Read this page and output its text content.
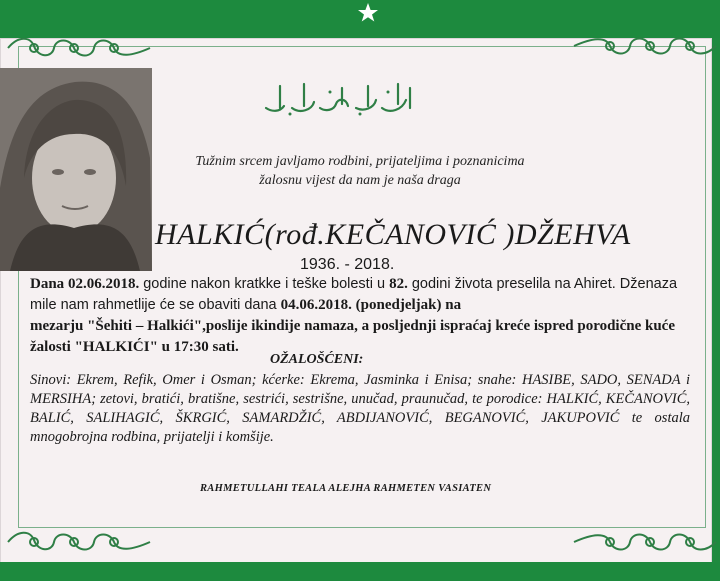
Tužnim srcem javljamo rodbini, prijateljima i poznanicima
žalosnu vijest da nam je naša draga
HALKIĆ(rođ.KEČANOVIĆ )DŽEHVA
1936. - 2018.
Dana 02.06.2018. godine nakon kratkke i teške bolesti u 82. godini života preselila na Ahiret. Dženaza mile nam rahmetlije će se obaviti dana 04.06.2018. (ponedjeljak) na
mezarju "Šehiti – Halkići",poslije ikindije namaza, a posljednji ispraćaj kreće ispred porodične kuće žalosti "HALKIĆI" u 17:30 sati.
OŽALOŠĆENI:
Sinovi: Ekrem, Refik, Omer i Osman; kćerke: Ekrema, Jasminka i Enisa; snahe: HASIBE, SADO, SENADA i MERSIHA; zetovi, bratići, bratišne, sestrići, sestrišne, unučad, praunučad, te porodice: HALKIĆ, KEČANOVIĆ, BALIĆ, SALIHAGIĆ, ŠKRGIĆ, SAMARDŽIĆ, ABDIJANOVIĆ, BEGANOVIĆ, JAKUPOVIĆ te ostala mnogobrojna rodbina, prijatelji i komšije.
RAHMETULLAHI TEALA ALEJHA RAHMETEN VASIATEN
